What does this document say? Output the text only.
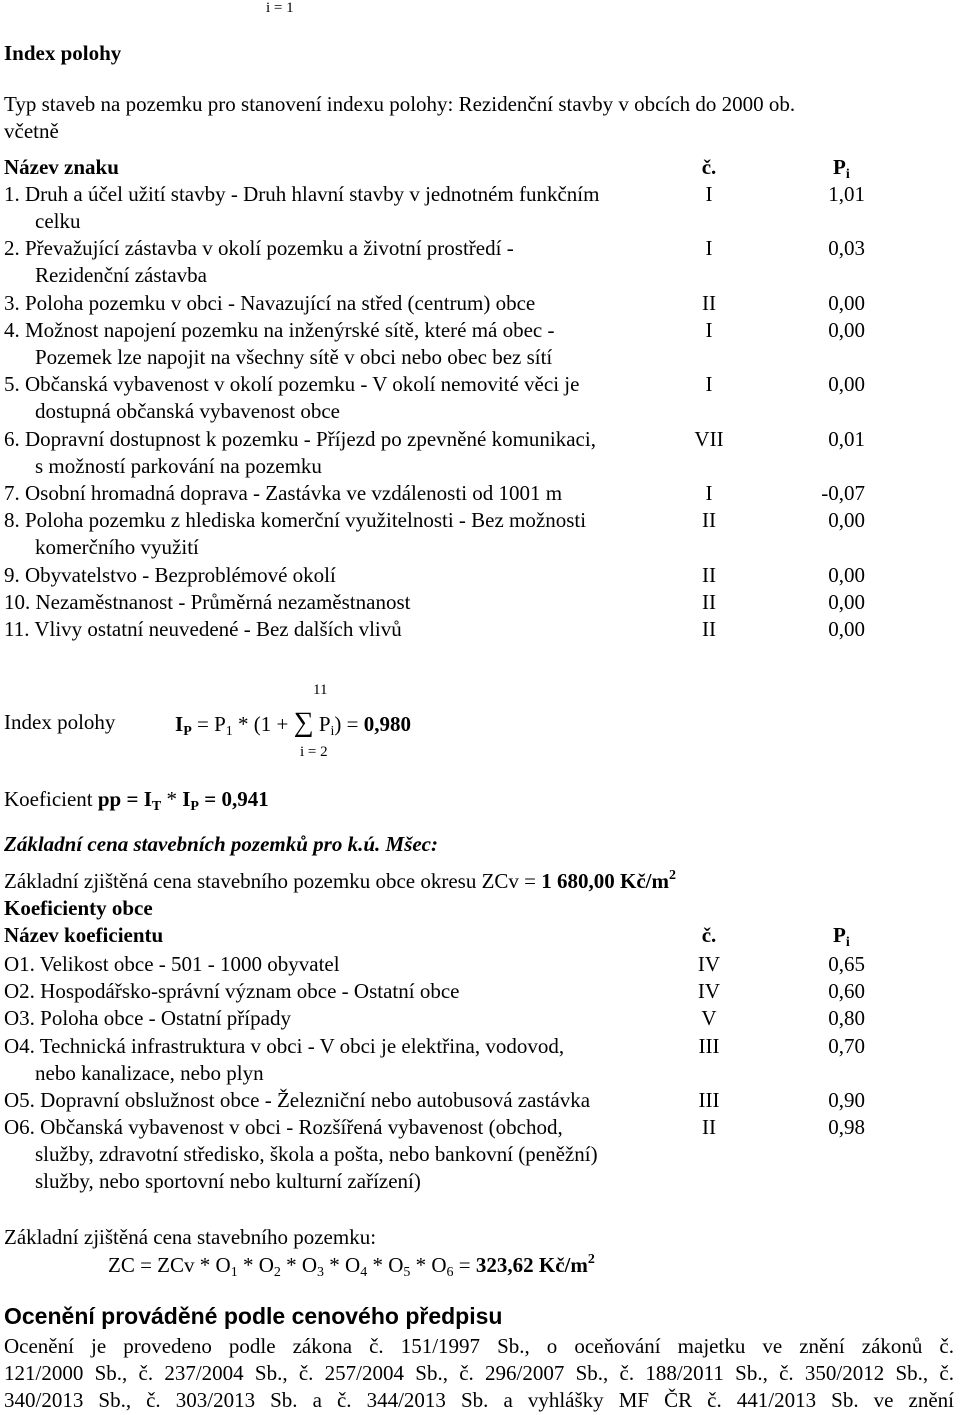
i = 1
Index polohy
Typ staveb na pozemku pro stanovení indexu polohy: Rezidenční stavby v obcích do 2000 ob.
včetně
Název znaku	č.	$P_i$
1. Druh a účel užití stavby - Druh hlavní stavby v jednotném funkčním
celku
I	1,01
2. Převažující zástavba v okolí pozemku a životní prostředí -
Rezidenční zástavba
I	0,03
3. Poloha pozemku v obci - Navazující na střed (centrum) obce	II	0,00
4. Možnost napojení pozemku na inženýrské sítě, které má obec -
Pozemek lze napojit na všechny sítě v obci nebo obec bez sítí
I	0,00
5. Občanská vybavenost v okolí pozemku - V okolí nemovité věci je
dostupná občanská vybavenost obce
I	0,00
6. Dopravní dostupnost k pozemku - Příjezd po zpevněné komunikaci,
s možností parkování na pozemku
VII	0,01
7. Osobní hromadná doprava - Zastávka ve vzdálenosti od 1001 m	I	-0,07
8. Poloha pozemku z hlediska komerční využitelnosti - Bez možnosti
komerčního využití
II	0,00
9. Obyvatelstvo - Bezproblémové okolí	II	0,00
10. Nezaměstnanost - Průměrná nezaměstnanost	II	0,00
11. Vlivy ostatní neuvedené - Bez dalších vlivů	II	0,00
11
Index polohy	$I_P = P_1 * (1$ + ∑ $P_i) = 0,980$
i = 2
Koeficient pp = $I_T * I_P = 0,941$
Základní cena stavebních pozemků pro k.ú. Mšec:
Základní zjištěná cena stavebního pozemku obce okresu ZCv = 1 680,00 $Kč/m^2$
Koeficienty obce
Název koeficientu	č.	$P_i$
O1. Velikost obce - 501 - 1000 obyvatel	IV	0,65
O2. Hospodářsko-správní význam obce - Ostatní obce	IV	0,60
O3. Poloha obce - Ostatní případy	V	0,80
O4. Technická infrastruktura v obci - V obci je elektřina, vodovod,
nebo kanalizace, nebo plyn
III	0,70
O5. Dopravní obslužnost obce - Železniční nebo autobusová zastávka	III	0,90
O6. Občanská vybavenost v obci - Rozšířená vybavenost (obchod,
služby, zdravotní středisko, škola a pošta, nebo bankovní (peněžní)
služby, nebo sportovní nebo kulturní zařízení)
II	0,98
Základní zjištěná cena stavebního pozemku:
ZC = ZCv * $O_1 * O_2 * O_3 * O_4 * O_5 * O_6 = 323,62$ $Kč/m^2$
Ocenění prováděné podle cenového předpisu
Ocenění je provedeno podle zákona č. 151/1997 Sb., o oceňování majetku ve znění zákonů č.
121/2000 Sb., č. 237/2004 Sb., č. 257/2004 Sb., č. 296/2007 Sb., č. 188/2011 Sb., č. 350/2012 Sb., č.
340/2013 Sb., č. 303/2013 Sb. a č. 344/2013 Sb. a vyhlášky MF ČR č. 441/2013 Sb. ve znění
